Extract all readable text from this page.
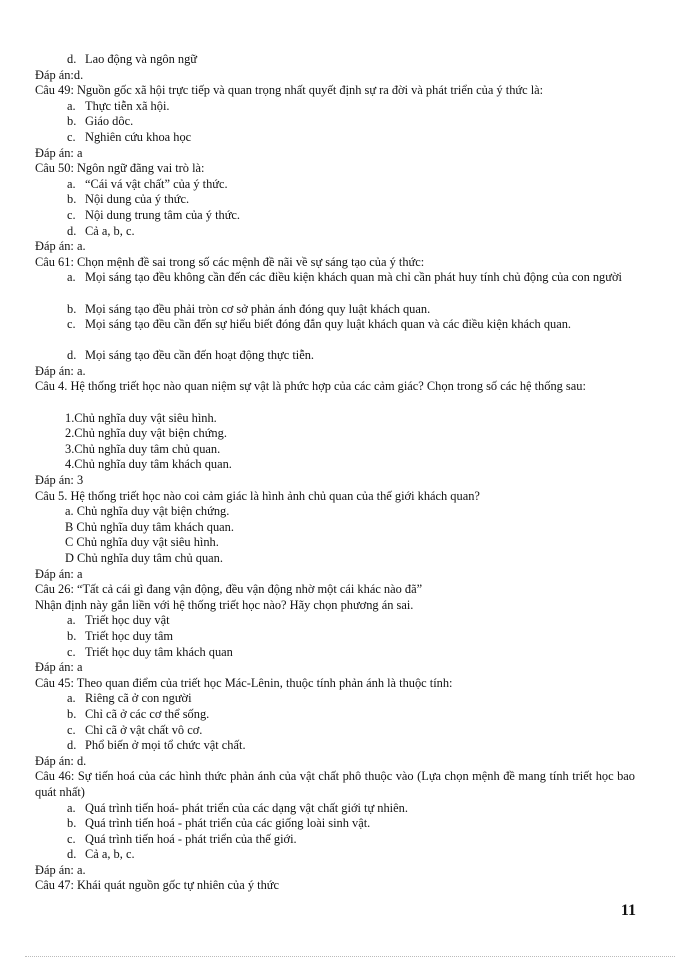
d. Lao động và ngôn ngữ
Đáp án:d.
Câu 49: Nguồn gốc xã hội trực tiếp và quan trọng nhất quyết định sự ra đời và phát triển của ý thức là:
a. Thực tiễn xã hội.
b. Giáo dôc.
c. Nghiên cứu khoa học
Đáp án: a
Câu 50: Ngôn ngữ đãng vai trò là:
a. “Cái vá vật chất” của ý thức.
b. Nội dung của ý thức.
c. Nội dung trung tâm của ý thức.
d. Cả a, b, c.
Đáp án: a.
Câu 61: Chọn mệnh đề sai trong số các mệnh đề nãi về sự sáng tạo của ý thức:
a. Mọi sáng tạo đều không cần đến các điều kiện khách quan mà chỉ cần phát huy tính chủ động của con người
b. Mọi sáng tạo đều phải tròn cơ sở phản ánh đóng quy luật khách quan.
c. Mọi sáng tạo đều cần đến sự hiểu biết đóng đắn quy luật khách quan và các điều kiện khách quan.
d. Mọi sáng tạo đều cần đến hoạt động thực tiễn.
Đáp án: a.
Câu 4. Hệ thống triết học nào quan niệm sự vật là phức hợp của các cảm giác? Chọn trong số các hệ thống sau:
1.Chủ nghĩa duy vật siêu hình.
2.Chủ nghĩa duy vật biện chứng.
3.Chủ nghĩa duy tâm chủ quan.
4.Chủ nghĩa duy tâm khách quan.
Đáp án: 3
Câu 5. Hệ thống triết học nào coi cảm giác là hình ảnh chủ quan của thế giới khách quan?
a. Chủ nghĩa duy vật biện chứng.
B Chủ nghĩa duy tâm khách quan.
C Chủ nghĩa duy vật siêu hình.
D Chủ nghĩa duy tâm chủ quan.
Đáp án: a
Câu 26: “Tất cả cái gì đang vận động, đều vận động nhờ một cái khác nào đã”
Nhận định này gắn liền với hệ thống triết học nào? Hãy chọn phương án sai.
a. Triết học duy vật
b. Triết học duy tâm
c. Triết học duy tâm khách quan
Đáp án: a
Câu 45: Theo quan điểm của triết học Mác-Lênin, thuộc tính phản ánh là thuộc tính:
a. Riêng cã ở con người
b. Chỉ cã ở các cơ thể sống.
c. Chỉ cã ở vật chất vô cơ.
d. Phổ biến ở mọi tổ chức vật chất.
Đáp án: d.
Câu 46: Sự tiến hoá của các hình thức phản ánh của vật chất phô thuộc vào (Lựa chọn mệnh đề mang tính triết học bao quát nhất)
a. Quá trình tiến hoá- phát triển của các dạng vật chất giới tự nhiên.
b. Quá trình tiến hoá - phát triển của các giống loài sinh vật.
c. Quá trình tiến hoá - phát triển của thế giới.
d. Cả a, b, c.
Đáp án: a.
Câu 47: Khái quát nguồn gốc tự nhiên của ý thức
11
